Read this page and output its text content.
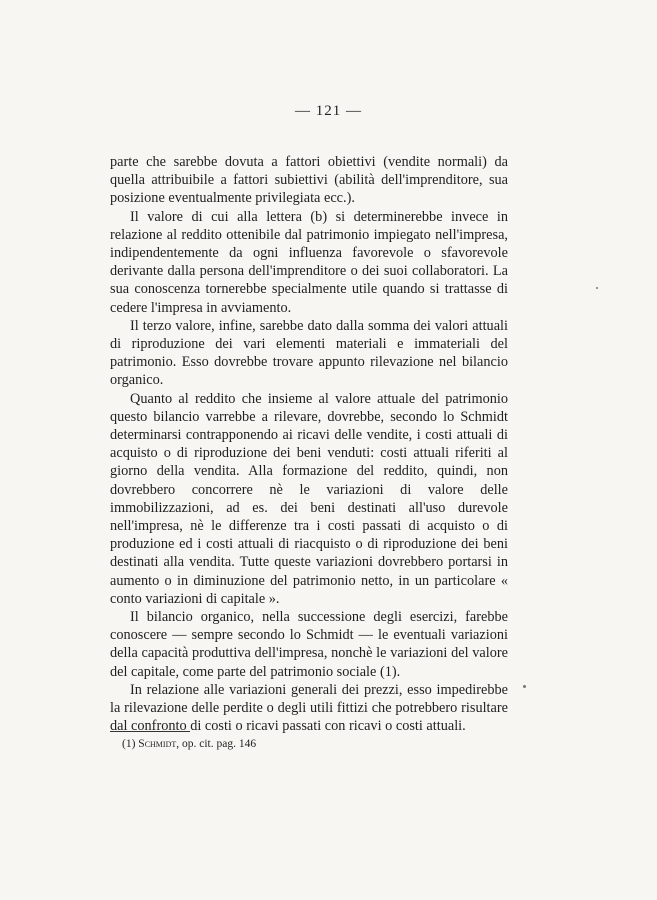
— 121 —

parte che sarebbe dovuta a fattori obiettivi (vendite normali) da quella attribuibile a fattori subiettivi (abilità dell'imprenditore, sua posizione eventualmente privilegiata ecc.).

Il valore di cui alla lettera (b) si determinerebbe invece in relazione al reddito ottenibile dal patrimonio impiegato nell'impresa, indipendentemente da ogni influenza favorevole o sfavorevole derivante dalla persona dell'imprenditore o dei suoi collaboratori. La sua conoscenza tornerebbe specialmente utile quando si trattasse di cedere l'impresa in avviamento.

Il terzo valore, infine, sarebbe dato dalla somma dei valori attuali di riproduzione dei vari elementi materiali e immateriali del patrimonio. Esso dovrebbe trovare appunto rilevazione nel bilancio organico.

Quanto al reddito che insieme al valore attuale del patrimonio questo bilancio varrebbe a rilevare, dovrebbe, secondo lo Schmidt determinarsi contrapponendo ai ricavi delle vendite, i costi attuali di acquisto o di riproduzione dei beni venduti: costi attuali riferiti al giorno della vendita. Alla formazione del reddito, quindi, non dovrebbero concorrere nè le variazioni di valore delle immobilizzazioni, ad es. dei beni destinati all'uso durevole nell'impresa, nè le differenze tra i costi passati di acquisto o di produzione ed i costi attuali di riacquisto o di riproduzione dei beni destinati alla vendita. Tutte queste variazioni dovrebbero portarsi in aumento o in diminuzione del patrimonio netto, in un particolare « conto variazioni di capitale ».

Il bilancio organico, nella successione degli esercizi, farebbe conoscere — sempre secondo lo Schmidt — le eventuali variazioni della capacità produttiva dell'impresa, nonchè le variazioni del valore del capitale, come parte del patrimonio sociale (1).

In relazione alle variazioni generali dei prezzi, esso impedirebbe la rilevazione delle perdite o degli utili fittizi che potrebbero risultare dal confronto di costi o ricavi passati con ricavi o costi attuali.

(1) Schmidt, op. cit. pag. 146
